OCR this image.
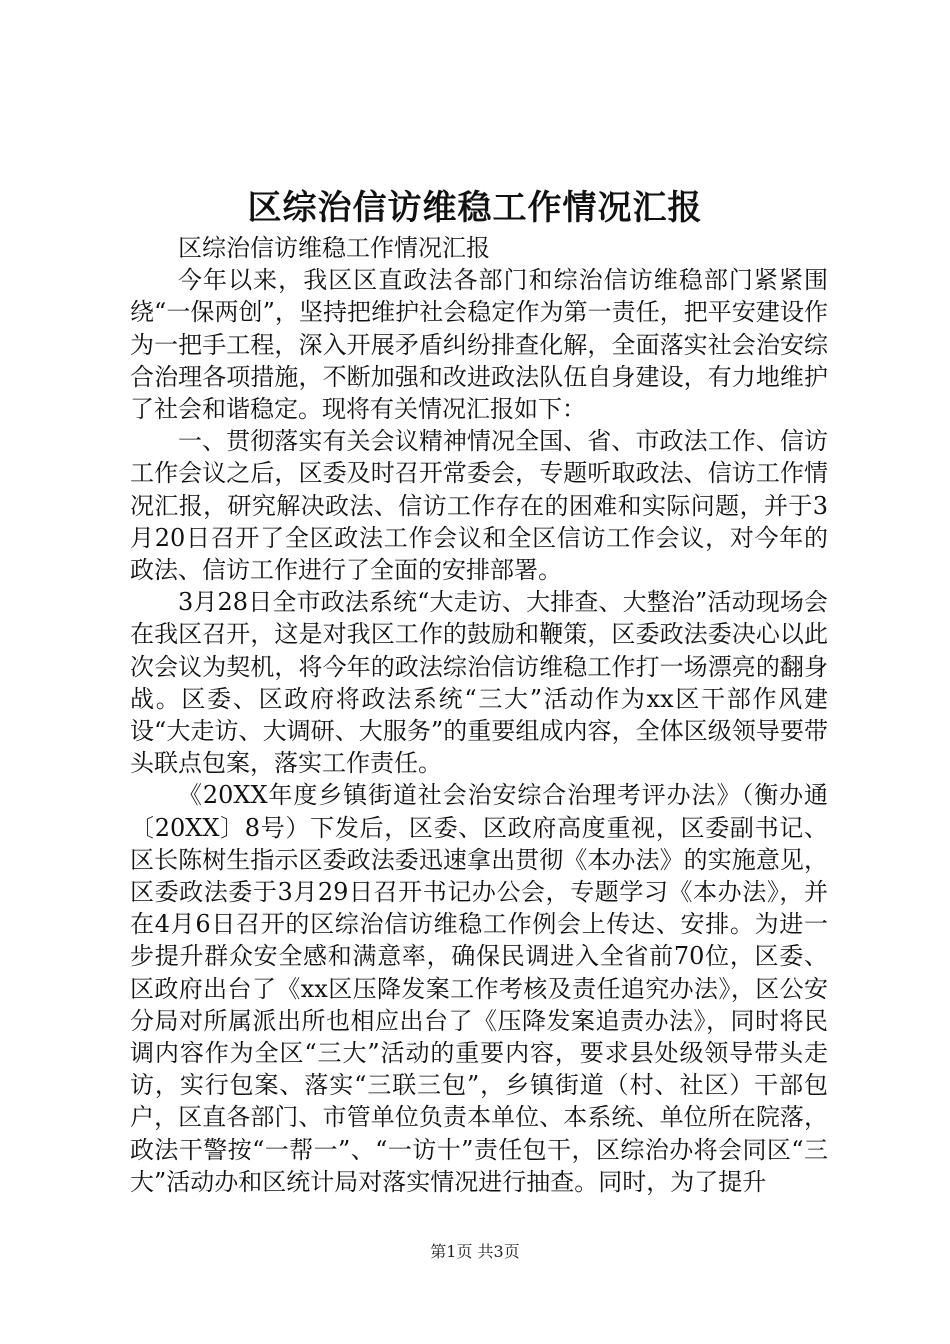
区综治信访维稳工作情况汇报

区综治信访维稳工作情况汇报

今年以来，我区区直政法各部门和综治信访维稳部门紧紧围绕“一保两创”，坚持把维护社会稳定作为第一责任，把平安建设作为一把手工程，深入开展矛盾纠纷排查化解，全面落实社会治安综合治理各项措施，不断加强和改进政法队伍自身建设，有力地维护了社会和谐稳定。现将有关情况汇报如下：

一、贯彻落实有关会议精神情况全国、省、市政法工作、信访工作会议之后，区委及时召开常委会，专题听取政法、信访工作情况汇报，研究解决政法、信访工作存在的困难和实际问题，并于3月20日召开了全区政法工作会议和全区信访工作会议，对今年的政法、信访工作进行了全面的安排部署。

3月28日全市政法系统“大走访、大排查、大整治”活动现场会在我区召开，这是对我区工作的鼓励和鞭策，区委政法委决心以此次会议为契机，将今年的政法综治信访维稳工作打一场漂亮的翻身战。区委、区政府将政法系统“三大”活动作为xx区干部作风建设“大走访、大调研、大服务”的重要组成内容，全体区级领导要带头联点包案，落实工作责任。

《20XX年度乡镇街道社会治安综合治理考评办法》（衡办通〔20XX〕8号）下发后，区委、区政府高度重视，区委副书记、区长陈树生指示区委政法委迅速拿出贯彻《本办法》的实施意见，区委政法委于3月29日召开书记办公会，专题学习《本办法》，并在4月6日召开的区综治信访维稳工作例会上传达、安排。为进一步提升群众安全感和满意率，确保民调进入全省前70位，区委、区政府出台了《xx区压降发案工作考核及责任追究办法》，区公安分局对所属派出所也相应出台了《压降发案追责办法》，同时将民调内容作为全区“三大”活动的重要内容，要求县处级领导带头走访，实行包案、落实“三联三包”，乡镇街道（村、社区）干部包户，区直各部门、市管单位负责本单位、本系统、单位所在院落，政法干警按“一帮一”、“一访十”责任包干，区综治办将会同区“三大”活动办和区统计局对落实情况进行抽查。同时，为了提升

第1页 共3页
